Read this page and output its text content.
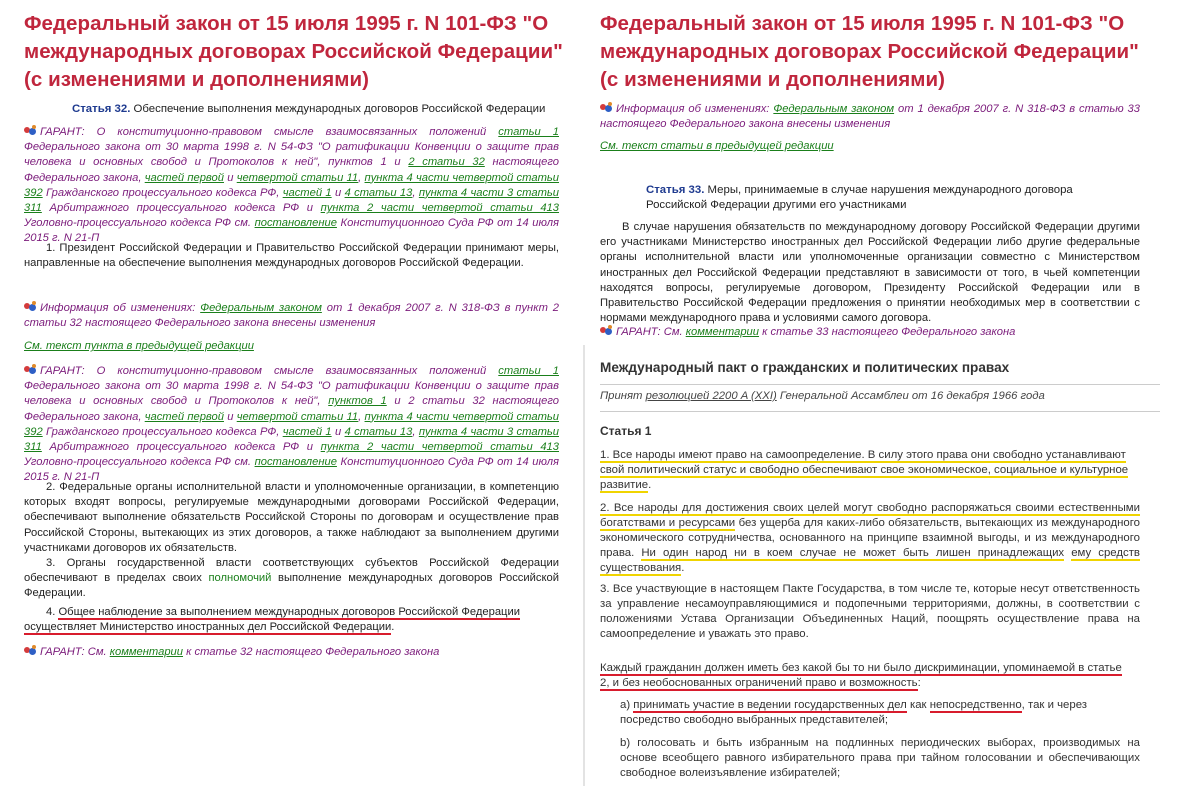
Федеральный закон от 15 июля 1995 г. N 101-ФЗ "О международных договорах Российской Федерации" (с изменениями и дополнениями)

Статья 32. Обеспечение выполнения международных договоров Российской Федерации

ГАРАНТ: О конституционно-правовом смысле взаимосвязанных положений статьи 1 Федерального закона от 30 марта 1998 г. N 54-ФЗ "О ратификации Конвенции о защите прав человека и основных свобод и Протоколов к ней", пунктов 1 и 2 статьи 32 настоящего Федерального закона, частей первой и четвертой статьи 11, пункта 4 части четвертой статьи 392 Гражданского процессуального кодекса РФ, частей 1 и 4 статьи 13, пункта 4 части 3 статьи 311 Арбитражного процессуального кодекса РФ и пункта 2 части четвертой статьи 413 Уголовно-процессуального кодекса РФ см. постановление Конституционного Суда РФ от 14 июля 2015 г. N 21-П

1. Президент Российской Федерации и Правительство Российской Федерации принимают меры, направленные на обеспечение выполнения международных договоров Российской Федерации.

Информация об изменениях: Федеральным законом от 1 декабря 2007 г. N 318-ФЗ в пункт 2 статьи 32 настоящего Федерального закона внесены изменения

См. текст пункта в предыдущей редакции

ГАРАНТ: О конституционно-правовом смысле взаимосвязанных положений статьи 1 Федерального закона от 30 марта 1998 г. N 54-ФЗ "О ратификации Конвенции о защите прав человека и основных свобод и Протоколов к ней", пунктов 1 и 2 статьи 32 настоящего Федерального закона, частей первой и четвертой статьи 11, пункта 4 части четвертой статьи 392 Гражданского процессуального кодекса РФ, частей 1 и 4 статьи 13, пункта 4 части 3 статьи 311 Арбитражного процессуального кодекса РФ и пункта 2 части четвертой статьи 413 Уголовно-процессуального кодекса РФ см. постановление Конституционного Суда РФ от 14 июля 2015 г. N 21-П

2. Федеральные органы исполнительной власти и уполномоченные организации, в компетенцию которых входят вопросы, регулируемые международными договорами Российской Федерации, обеспечивают выполнение обязательств Российской Стороны по договорам и осуществление прав Российской Стороны, вытекающих из этих договоров, а также наблюдают за выполнением другими участниками договоров их обязательств.

3. Органы государственной власти соответствующих субъектов Российской Федерации обеспечивают в пределах своих полномочий выполнение международных договоров Российской Федерации.

4. Общее наблюдение за выполнением международных договоров Российской Федерации
осуществляет Министерство иностранных дел Российской Федерации.

ГАРАНТ: См. комментарии к статье 32 настоящего Федерального закона

Федеральный закон от 15 июля 1995 г. N 101-ФЗ "О международных договорах Российской Федерации" (с изменениями и дополнениями)

Информация об изменениях: Федеральным законом от 1 декабря 2007 г. N 318-ФЗ в статью 33 настоящего Федерального закона внесены изменения

См. текст статьи в предыдущей редакции

Статья 33. Меры, принимаемые в случае нарушения международного договора Российской Федерации другими его участниками

В случае нарушения обязательств по международному договору Российской Федерации другими его участниками Министерство иностранных дел Российской Федерации либо другие федеральные органы исполнительной власти или уполномоченные организации совместно с Министерством иностранных дел Российской Федерации представляют в зависимости от того, в чьей компетенции находятся вопросы, регулируемые договором, Президенту Российской Федерации или в Правительство Российской Федерации предложения о принятии необходимых мер в соответствии с нормами международного права и условиями самого договора.

ГАРАНТ: См. комментарии к статье 33 настоящего Федерального закона

Международный пакт о гражданских и политических правах

Принят резолюцией 2200 A (XXI) Генеральной Ассамблеи от 16 декабря 1966 года

Статья 1

1. Все народы имеют право на самоопределение. В силу этого права они свободно устанавливают
свой политический статус и свободно обеспечивают свое экономическое, социальное и культурное
развитие.

2. Все народы для достижения своих целей могут свободно распоряжаться своими естественными богатствами и ресурсами без ущерба для каких-либо обязательств, вытекающих из международного экономического сотрудничества, основанного на принципе взаимной выгоды, и из международного права. Ни один народ ни в коем случае не может быть лишен принадлежащих ему средств существования.

3. Все участвующие в настоящем Пакте Государства, в том числе те, которые несут ответственность за управление несамоуправляющимися и подопечными территориями, должны, в соответствии с положениями Устава Организации Объединенных Наций, поощрять осуществление права на самоопределение и уважать это право.

Каждый гражданин должен иметь без какой бы то ни было дискриминации, упоминаемой в статье
2, и без необоснованных ограничений право и возможность:

a) принимать участие в ведении государственных дел как непосредственно, так и через посредство свободно выбранных представителей;

b) голосовать и быть избранным на подлинных периодических выборах, производимых на основе всеобщего равного избирательного права при тайном голосовании и обеспечивающих свободное волеизъявление избирателей;
